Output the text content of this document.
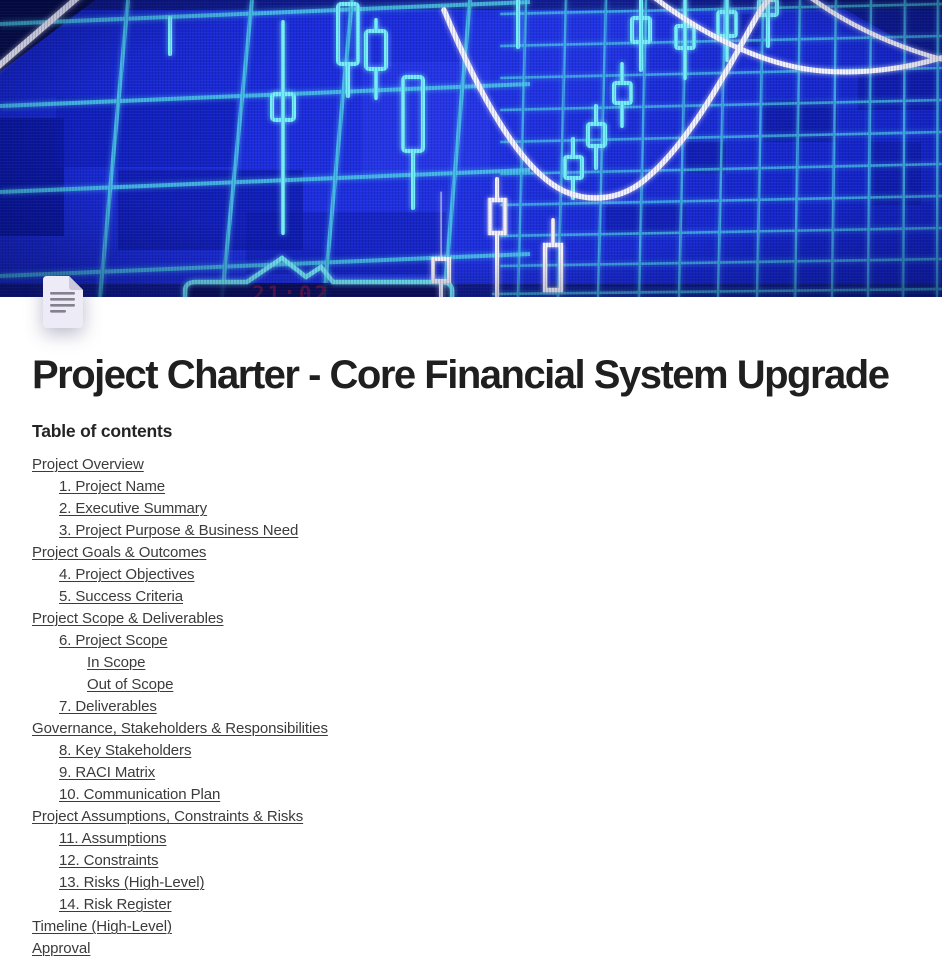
Project Charter - Core Financial System Upgrade
Table of contents
Project Overview
1. Project Name
2. Executive Summary
3. Project Purpose & Business Need
Project Goals & Outcomes
4. Project Objectives
5. Success Criteria
Project Scope & Deliverables
6. Project Scope
In Scope
Out of Scope
7. Deliverables
Governance, Stakeholders & Responsibilities
8. Key Stakeholders
9. RACI Matrix
10. Communication Plan
Project Assumptions, Constraints & Risks
11. Assumptions
12. Constraints
13. Risks (High-Level)
14. Risk Register
Timeline (High-Level)
Approval
